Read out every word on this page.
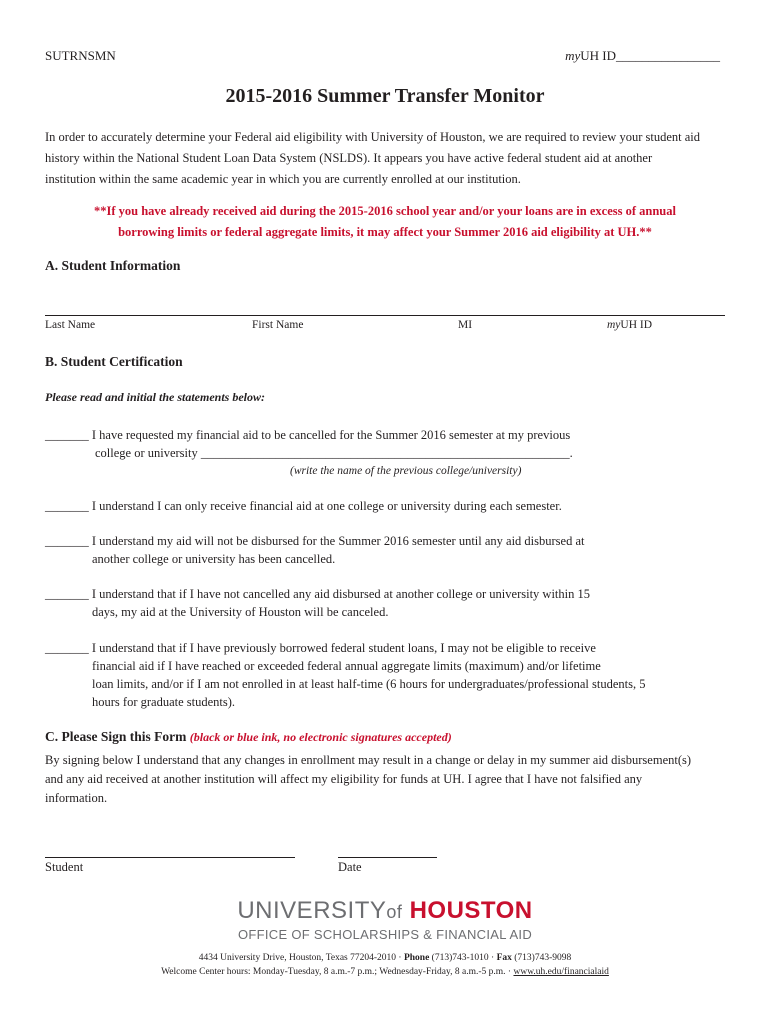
SUTRNSMN	myUH ID________________
2015-2016 Summer Transfer Monitor
In order to accurately determine your Federal aid eligibility with University of Houston, we are required to review your student aid history within the National Student Loan Data System (NSLDS). It appears you have active federal student aid at another institution within the same academic year in which you are currently enrolled at our institution.
**If you have already received aid during the 2015-2016 school year and/or your loans are in excess of annual
borrowing limits or federal aggregate limits, it may affect your Summer 2016 aid eligibility at UH.**
A. Student Information
Last Name	First Name	MI	myUH ID
B. Student Certification
Please read and initial the statements below:
_______ I have requested my financial aid to be cancelled for the Summer 2016 semester at my previous
college or university ___________________________________________________________.
(write the name of the previous college/university)
_______ I understand I can only receive financial aid at one college or university during each semester.
_______ I understand my aid will not be disbursed for the Summer 2016 semester until any aid disbursed at
another college or university has been cancelled.
_______ I understand that if I have not cancelled any aid disbursed at another college or university within 15
days, my aid at the University of Houston will be canceled.
_______ I understand that if I have previously borrowed federal student loans, I may not be eligible to receive
financial aid if I have reached or exceeded federal annual aggregate limits (maximum) and/or lifetime
loan limits, and/or if I am not enrolled in at least half-time (6 hours for undergraduates/professional students, 5
hours for graduate students).
C. Please Sign this Form (black or blue ink, no electronic signatures accepted)
By signing below I understand that any changes in enrollment may result in a change or delay in my summer aid disbursement(s) and any aid received at another institution will affect my eligibility for funds at UH. I agree that I have not falsified any information.
Student	Date
UNIVERSITYof HOUSTON
OFFICE OF SCHOLARSHIPS & FINANCIAL AID
4434 University Drive, Houston, Texas 77204-2010 · Phone (713)743-1010 · Fax (713)743-9098
Welcome Center hours: Monday-Tuesday, 8 a.m.-7 p.m.; Wednesday-Friday, 8 a.m.-5 p.m. · www.uh.edu/financialaid
